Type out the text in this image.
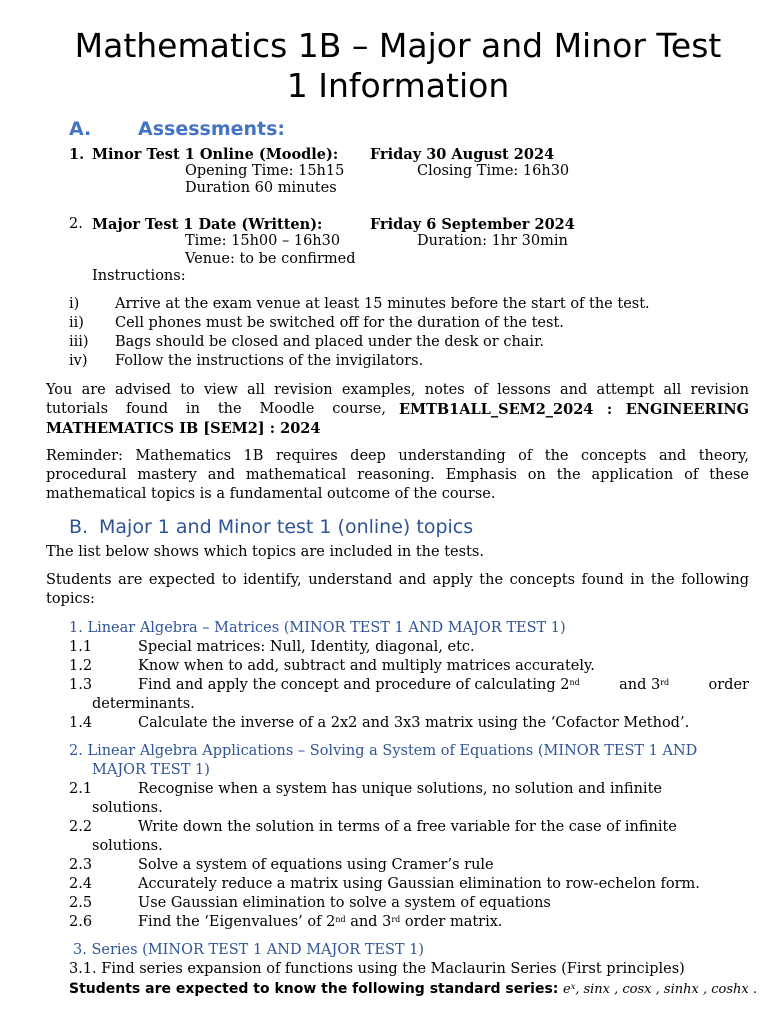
Mathematics 1B – Major and Minor Test
1 Information
A. Assessments:
1. Minor Test 1 Online (Moodle): Friday 30 August 2024
Opening Time: 15h15	Closing Time: 16h30
Duration 60 minutes
2. Major Test 1 Date (Written):	Friday 6 September 2024
Time: 15h00 – 16h30	Duration: 1hr 30min
Venue: to be confirmed
Instructions:
i) Arrive at the exam venue at least 15 minutes before the start of the test.
ii) Cell phones must be switched off for the duration of the test.
iii) Bags should be closed and placed under the desk or chair.
iv) Follow the instructions of the invigilators.
You are advised to view all revision examples, notes of lessons and attempt all revision
tutorials found in the Moodle course, EMTB1ALL_SEM2_2024 : ENGINEERING
MATHEMATICS IB [SEM2] : 2024
Reminder: Mathematics 1B requires deep understanding of the concepts and theory, procedural mastery and mathematical reasoning. Emphasis on the application of these mathematical topics is a fundamental outcome of the course.
B. Major 1 and Minor test 1 (online) topics
The list below shows which topics are included in the tests.
Students are expected to identify, understand and apply the concepts found in the following topics:
1. Linear Algebra – Matrices (MINOR TEST 1 AND MAJOR TEST 1)
1.1	Special matrices: Null, Identity, diagonal, etc.
1.2	Know when to add, subtract and multiply matrices accurately.
1.3	Find and apply the concept and procedure of calculating 2nd	and 3rd	order
determinants.
1.4	Calculate the inverse of a 2x2 and 3x3 matrix using the ‘Cofactor Method’.
2. Linear Algebra Applications – Solving a System of Equations (MINOR TEST 1 AND
MAJOR TEST 1)
2.1	Recognise when a system has unique solutions, no solution and infinite
solutions.
2.2	Write down the solution in terms of a free variable for the case of infinite
solutions.
2.3	Solve a system of equations using Cramer’s rule
2.4	Accurately reduce a matrix using Gaussian elimination to row-echelon form.
2.5	Use Gaussian elimination to solve a system of equations
2.6	Find the ‘Eigenvalues’ of 2nd and 3rd order matrix.
3. Series (MINOR TEST 1 AND MAJOR TEST 1)
3.1. Find series expansion of functions using the Maclaurin Series (First principles)
Students are expected to know the following standard series: $e^x$, sinx , cosx , sinhx , coshx .
